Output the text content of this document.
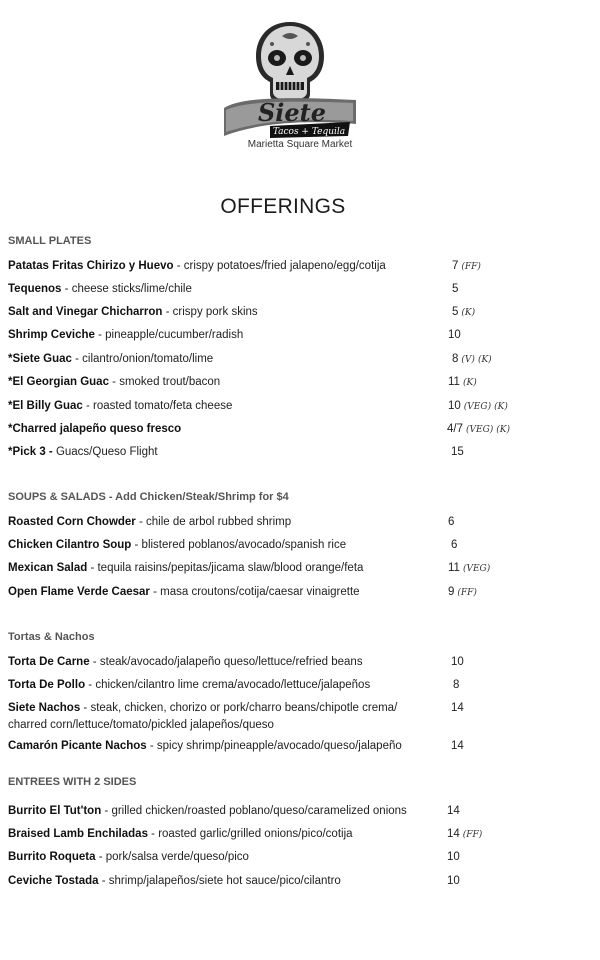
Siete
Tacos + Tequila
Marietta Square Market
OFFERINGS
SMALL PLATES
Patatas Fritas Chirizo y Huevo - crispy potatoes/fried jalapeno/egg/cotija	7 (FF)
Tequenos - cheese sticks/lime/chile	5
Salt and Vinegar Chicharron - crispy pork skins	5 (K)
Shrimp Ceviche - pineapple/cucumber/radish	10
*Siete Guac - cilantro/onion/tomato/lime	8 (V) (K)
*El Georgian Guac - smoked trout/bacon	11 (K)
*El Billy Guac - roasted tomato/feta cheese	10 (VEG) (K)
*Charred jalapeño queso fresco	4/7 (VEG) (K)
*Pick 3 - Guacs/Queso Flight	15
SOUPS & SALADS - Add Chicken/Steak/Shrimp for $4
Roasted Corn Chowder - chile de arbol rubbed shrimp	6
Chicken Cilantro Soup - blistered poblanos/avocado/spanish rice	6
Mexican Salad - tequila raisins/pepitas/jicama slaw/blood orange/feta	11 (VEG)
Open Flame Verde Caesar - masa croutons/cotija/caesar vinaigrette	9 (FF)
Tortas & Nachos
Torta De Carne - steak/avocado/jalapeño queso/lettuce/refried beans	10
Torta De Pollo - chicken/cilantro lime crema/avocado/lettuce/jalapeños	8
Siete Nachos - steak, chicken, chorizo or pork/charro beans/chipotle crema/
charred corn/lettuce/tomato/pickled jalapeños/queso
14
Camarón Picante Nachos - spicy shrimp/pineapple/avocado/queso/jalapeño	14
ENTREES WITH 2 SIDES
Burrito El Tut'ton - grilled chicken/roasted poblano/queso/caramelized onions	14
Braised Lamb Enchiladas - roasted garlic/grilled onions/pico/cotija	14 (FF)
Burrito Roqueta - pork/salsa verde/queso/pico	10
Ceviche Tostada - shrimp/jalapeños/siete hot sauce/pico/cilantro	10
